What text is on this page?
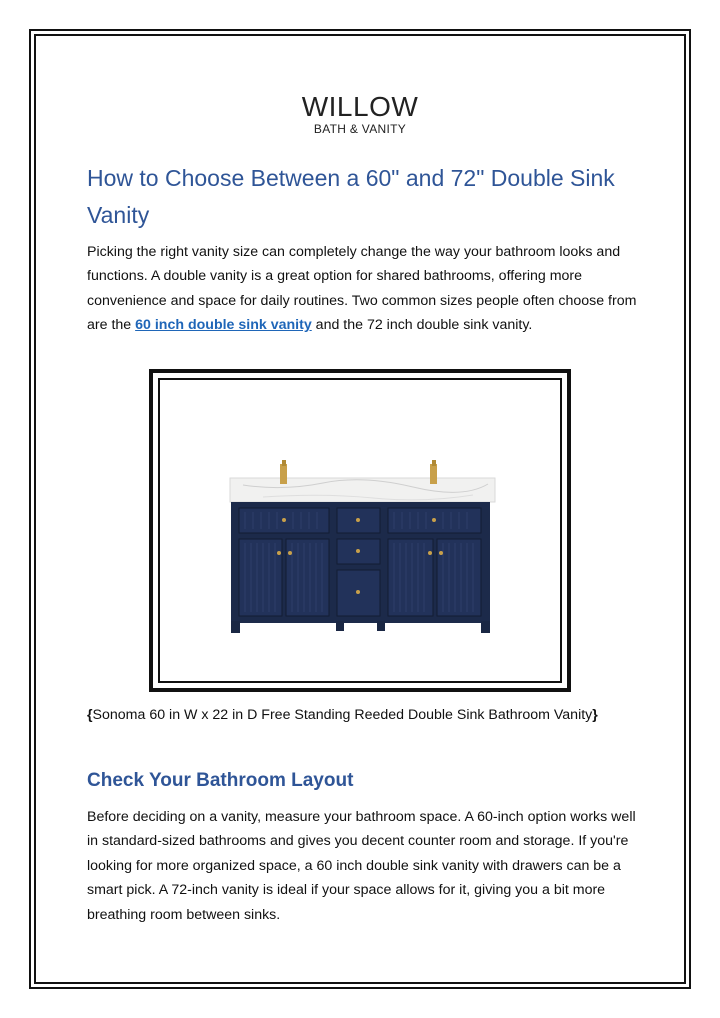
WILLOW
BATH & VANITY
How to Choose Between a 60" and 72" Double Sink Vanity

Picking the right vanity size can completely change the way your bathroom looks and functions. A double vanity is a great option for shared bathrooms, offering more convenience and space for daily routines. Two common sizes people often choose from are the 60 inch double sink vanity and the 72 inch double sink vanity.

{Sonoma 60 in W x 22 in D Free Standing Reeded Double Sink Bathroom Vanity}

Check Your Bathroom Layout

Before deciding on a vanity, measure your bathroom space. A 60-inch option works well in standard-sized bathrooms and gives you decent counter room and storage. If you're looking for more organized space, a 60 inch double sink vanity with drawers can be a smart pick. A 72-inch vanity is ideal if your space allows for it, giving you a bit more breathing room between sinks.
